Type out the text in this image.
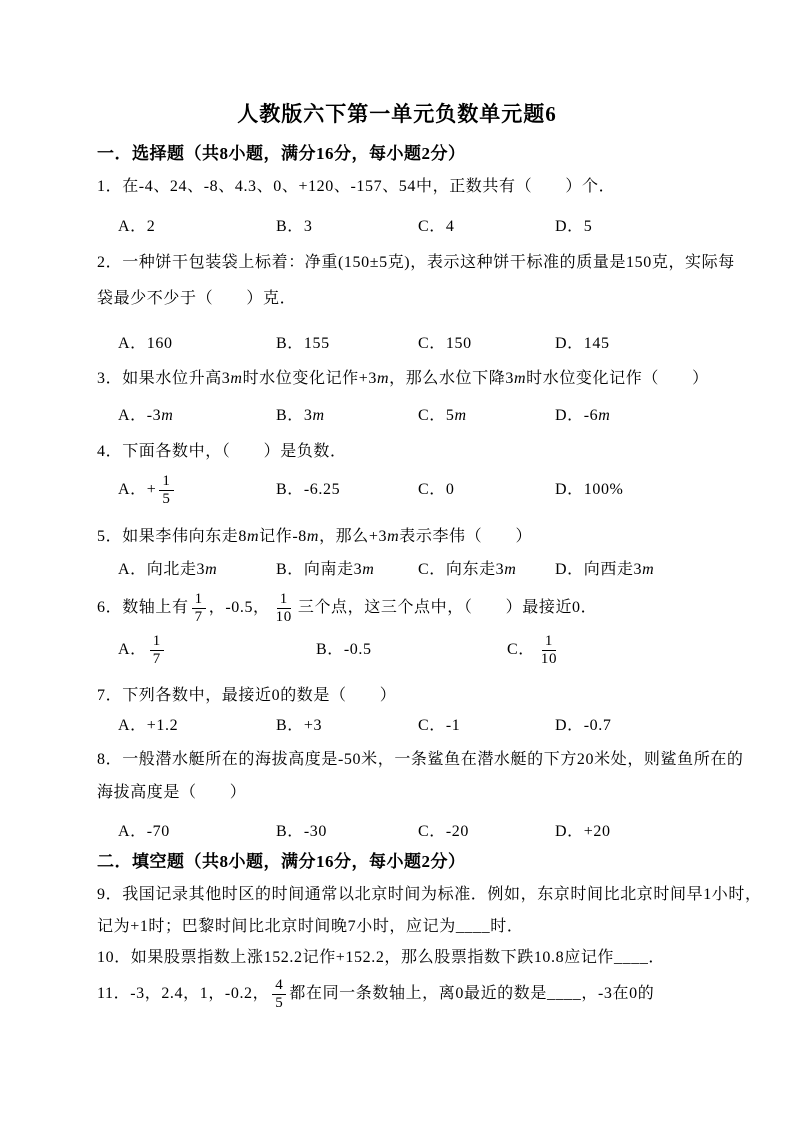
人教版六下第一单元负数单元题6
一．选择题（共8小题，满分16分，每小题2分）

1．在-4、24、-8、4.3、0、+120、-157、54中，正数共有（　　）个．

A．2	B．3	C．4	D．5

2．一种饼干包装袋上标着：净重(150±5克)，表示这种饼干标准的质量是150克，实际每

袋最少不少于（　　）克．

A．160	B．155	C．150	D．145

3．如果水位升高3m时水位变化记作+3m，那么水位下降3m时水位变化记作（　　）

A．-3m	B．3m	C．5m	D．-6m

4．下面各数中，（　　）是负数．

A．+ $\frac{1}{5}$	B．-6.25	C．0	D．100%

5．如果李伟向东走8m记作-8m，那么+3m表示李伟（　　）

A．向北走3m	B．向南走3m	C．向东走3m	D．向西走3m

6．数轴上有 $\frac{1}{7}$ ，-0.5， $\frac{1}{10}$ 三个点，这三个点中，（　　）最接近0．

A． $\frac{1}{7}$	B．-0.5	C． $\frac{1}{10}$

7．下列各数中，最接近0的数是（　　）

A．+1.2	B．+3	C．-1	D．-0.7

8．一般潜水艇所在的海拔高度是-50米，一条鲨鱼在潜水艇的下方20米处，则鲨鱼所在的

海拔高度是（　　）

A．-70	B．-30	C．-20	D．+20
二．填空题（共8小题，满分16分，每小题2分）

9．我国记录其他时区的时间通常以北京时间为标准．例如，东京时间比北京时间早1小时，

记为+1时；巴黎时间比北京时间晚7小时，应记为____时．

10．如果股票指数上涨152.2记作+152.2，那么股票指数下跌10.8应记作____．

11．-3，2.4，1，-0.2， $\frac{4}{5}$ 都在同一条数轴上，离0最近的数是____，-3在0的
